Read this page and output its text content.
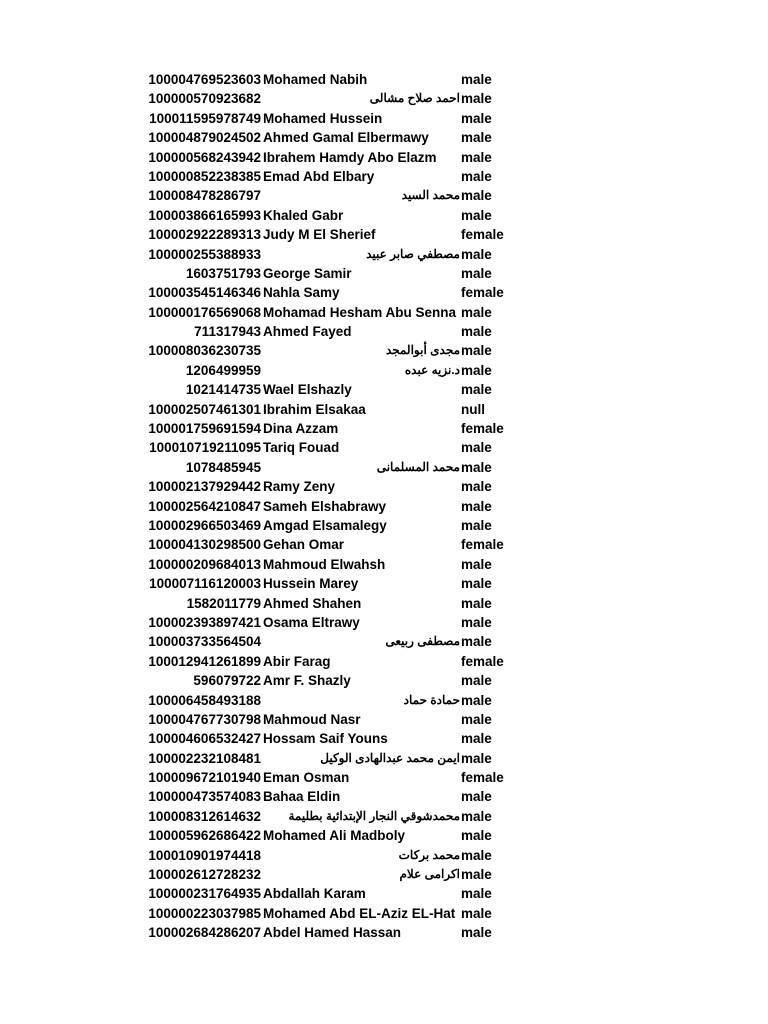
100004769523603 Mohamed Nabih	male
100000570923682	احمد صلاح مشالى male
100011595978749 Mohamed Hussein	male
100004879024502 Ahmed Gamal Elbermawy	male
100000568243942 Ibrahem Hamdy Abo Elazm	male
100000852238385 Emad Abd Elbary	male
100008478286797	محمد السيد male
100003866165993 Khaled Gabr	male
100002922289313 Judy M El Sherief	female
100000255388933	مصطفي صابر عبيد male
1603751793 George Samir	male
100003545146346 Nahla Samy	female
100000176569068 Mohamad Hesham Abu Senna male
711317943 Ahmed Fayed	male
100008036230735	مجدى أبوالمجد male
1206499959	د.نزيه عبده male
1021414735 Wael Elshazly	male
100002507461301 Ibrahim Elsakaa	null
100001759691594 Dina Azzam	female
100010719211095 Tariq Fouad	male
1078485945	محمد المسلمانى male
100002137929442 Ramy Zeny	male
100002564210847 Sameh Elshabrawy	male
100002966503469 Amgad Elsamalegy	male
100004130298500 Gehan Omar	female
100000209684013 Mahmoud Elwahsh	male
100007116120003 Hussein Marey	male
1582011779 Ahmed Shahen	male
100002393897421 Osama Eltrawy	male
100003733564504	مصطفى ربيعى male
100012941261899 Abir Farag	female
596079722 Amr F. Shazly	male
100006458493188	حمادة حماد male
100004767730798 Mahmoud Nasr	male
100004606532427 Hossam Saif Youns	male
100002232108481	ايمن محمد عبدالهادى الوكيل male
100009672101940 Eman Osman	female
100000473574083 Bahaa Eldin	male
100008312614632	محمدشوقي النجار الإبتدائية بطليمة male
100005962686422 Mohamed Ali Madboly	male
100010901974418	محمد بركات male
100002612728232	اكرامى علام male
100000231764935 Abdallah Karam	male
100000223037985 Mohamed Abd EL-Aziz EL-Hat male
100002684286207 Abdel Hamed Hassan	male
